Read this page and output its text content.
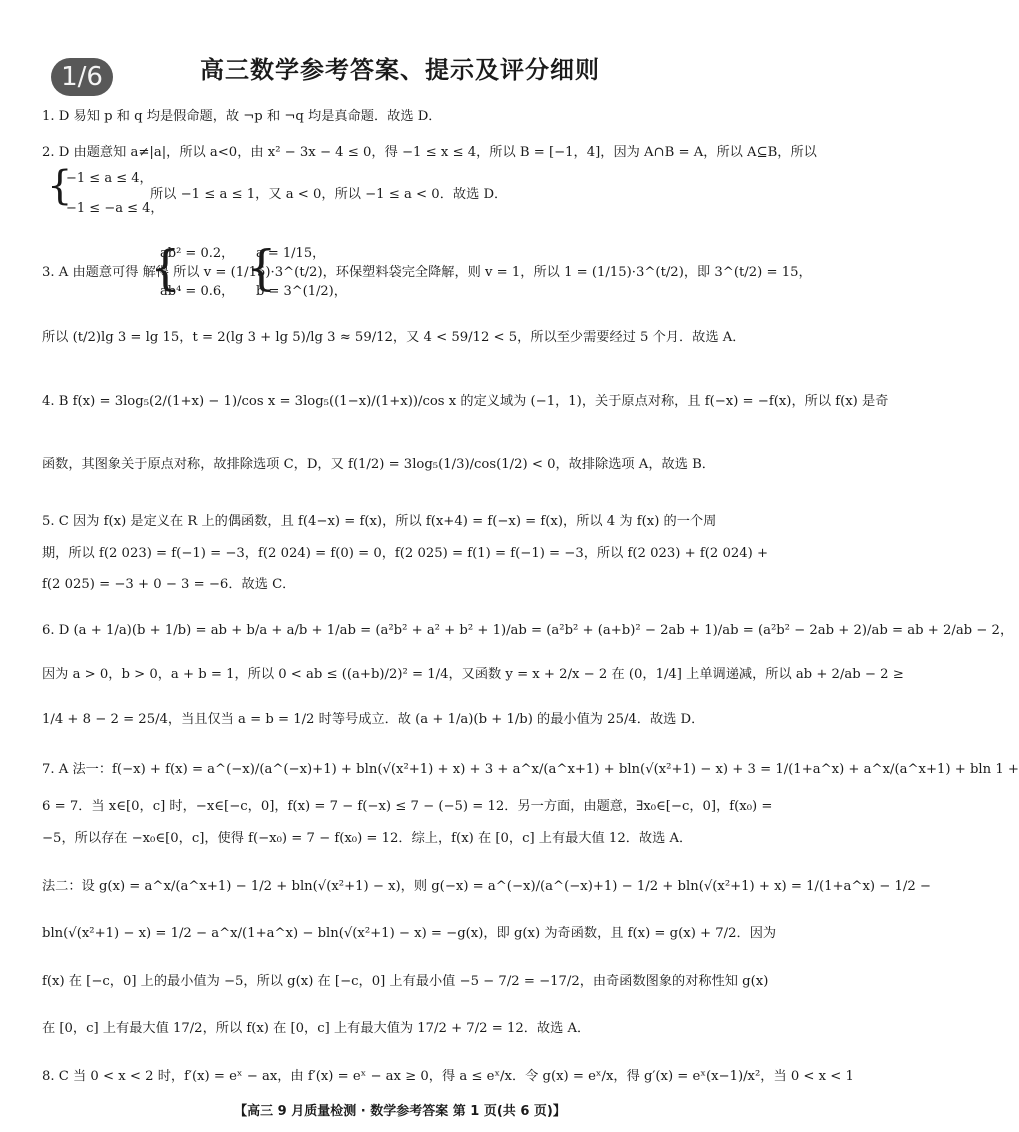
高三数学参考答案、提示及评分细则
1/6
1. D 易知 p 和 q 均是假命题，故 ¬p 和 ¬q 均是真命题．故选 D．
2. D 由题意知 a≠|a|，所以 a<0，由 x² − 3x − 4 ≤ 0，得 −1 ≤ x ≤ 4，所以 B = [−1，4]，因为 A∩B = A，所以 A⊆B，所以
{
−1 ≤ a ≤ 4，
−1 ≤ −a ≤ 4，
所以 −1 ≤ a ≤ 1，又 a < 0，所以 −1 ≤ a < 0．故选 D．
3. A 由题意可得 解得 所以 v = (1/15)·3^(t/2)，环保塑料袋完全降解，则 v = 1，所以 1 = (1/15)·3^(t/2)，即 3^(t/2) = 15，
{
ab² = 0.2，
ab⁴ = 0.6， {
a = 1/15，
b = 3^(1/2)，
所以 (t/2)lg 3 = lg 15，t = 2(lg 3 + lg 5)/lg 3 ≈ 59/12，又 4 < 59/12 < 5，所以至少需要经过 5 个月．故选 A．
4. B f(x) = 3log₅(2/(1+x) − 1)/cos x = 3log₅((1−x)/(1+x))/cos x 的定义域为 (−1，1)，关于原点对称，且 f(−x) = −f(x)，所以 f(x) 是奇
函数，其图象关于原点对称，故排除选项 C，D，又 f(1/2) = 3log₅(1/3)/cos(1/2) < 0，故排除选项 A，故选 B．
5. C 因为 f(x) 是定义在 R 上的偶函数，且 f(4−x) = f(x)，所以 f(x+4) = f(−x) = f(x)，所以 4 为 f(x) 的一个周
期，所以 f(2 023) = f(−1) = −3，f(2 024) = f(0) = 0，f(2 025) = f(1) = f(−1) = −3，所以 f(2 023) + f(2 024) +
f(2 025) = −3 + 0 − 3 = −6．故选 C．
6. D (a + 1/a)(b + 1/b) = ab + b/a + a/b + 1/ab = (a²b² + a² + b² + 1)/ab = (a²b² + (a+b)² − 2ab + 1)/ab = (a²b² − 2ab + 2)/ab = ab + 2/ab − 2，
因为 a > 0，b > 0，a + b = 1，所以 0 < ab ≤ ((a+b)/2)² = 1/4，又函数 y = x + 2/x − 2 在 (0，1/4] 上单调递减，所以 ab + 2/ab − 2 ≥
1/4 + 8 − 2 = 25/4，当且仅当 a = b = 1/2 时等号成立．故 (a + 1/a)(b + 1/b) 的最小值为 25/4．故选 D．
7. A 法一：f(−x) + f(x) = a^(−x)/(a^(−x)+1) + bln(√(x²+1) + x) + 3 + a^x/(a^x+1) + bln(√(x²+1) − x) + 3 = 1/(1+a^x) + a^x/(a^x+1) + bln 1 +
6 = 7．当 x∈[0，c] 时，−x∈[−c，0]，f(x) = 7 − f(−x) ≤ 7 − (−5) = 12．另一方面，由题意，∃x₀∈[−c，0]，f(x₀) =
−5，所以存在 −x₀∈[0，c]，使得 f(−x₀) = 7 − f(x₀) = 12．综上，f(x) 在 [0，c] 上有最大值 12．故选 A．
法二：设 g(x) = a^x/(a^x+1) − 1/2 + bln(√(x²+1) − x)，则 g(−x) = a^(−x)/(a^(−x)+1) − 1/2 + bln(√(x²+1) + x) = 1/(1+a^x) − 1/2 −
bln(√(x²+1) − x) = 1/2 − a^x/(1+a^x) − bln(√(x²+1) − x) = −g(x)，即 g(x) 为奇函数，且 f(x) = g(x) + 7/2．因为
f(x) 在 [−c，0] 上的最小值为 −5，所以 g(x) 在 [−c，0] 上有最小值 −5 − 7/2 = −17/2，由奇函数图象的对称性知 g(x)
在 [0，c] 上有最大值 17/2，所以 f(x) 在 [0，c] 上有最大值为 17/2 + 7/2 = 12．故选 A．
8. C 当 0 < x < 2 时，f′(x) = eˣ − ax，由 f′(x) = eˣ − ax ≥ 0，得 a ≤ eˣ/x．令 g(x) = eˣ/x，得 g′(x) = eˣ(x−1)/x²，当 0 < x < 1
【高三 9 月质量检测 · 数学参考答案 第 1 页(共 6 页)】
